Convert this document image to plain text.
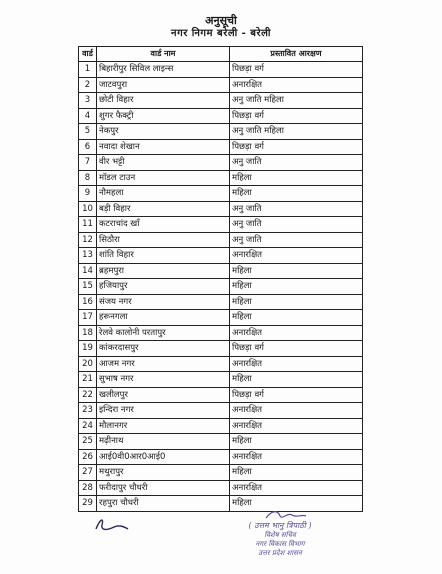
अनुसूची
नगर निगम बरेली - बरेली
वार्ड	वार्ड नाम	प्रस्तावित आरक्षण
1	बिहारीपुर सिविल लाइन्स	पिछड़ा वर्ग
2	जाटवपुरा	अनारक्षित
3	छोटी विहार	अनु जाति महिला
4	शुगर फैक्ट्री	पिछड़ा वर्ग
5	नेकपुर	अनु जाति महिला
6	नवादा शेखान	पिछड़ा वर्ग
7	वीर भट्टी	अनु जाति
8	मॉडल टाउन	महिला
9	नौमहला	महिला
10	बड़ी विहार	अनु जाति
11	कटराचांद खाँ	अनु जाति
12	सिठौरा	अनु जाति
13	शांति विहार	अनारक्षित
14	ब्रहमपुरा	महिला
15	हजियापुर	महिला
16	संजय नगर	महिला
17	हरूनगला	महिला
18	रेलवे कालोनी परतापुर	अनारक्षित
19	कांकरदासपुर	पिछड़ा वर्ग
20	आजम नगर	अनारक्षित
21	सुभाष नगर	महिला
22	खलीलपुर	पिछड़ा वर्ग
23	इन्दिरा नगर	अनारक्षित
24	मौलानगर	अनारक्षित
25	मढ़ीनाथ	महिला
26	आई0वी0आर0आई0	अनारक्षित
27	मथुरापुर	महिला
28	फरीदापुर चौधरी	अनारक्षित
29	रहपुरा चौधरी	महिला
( उत्तम भानु त्रिपाठी )
विशेष सचिव
नगर विकास विभाग
उत्तर प्रदेश शासन
